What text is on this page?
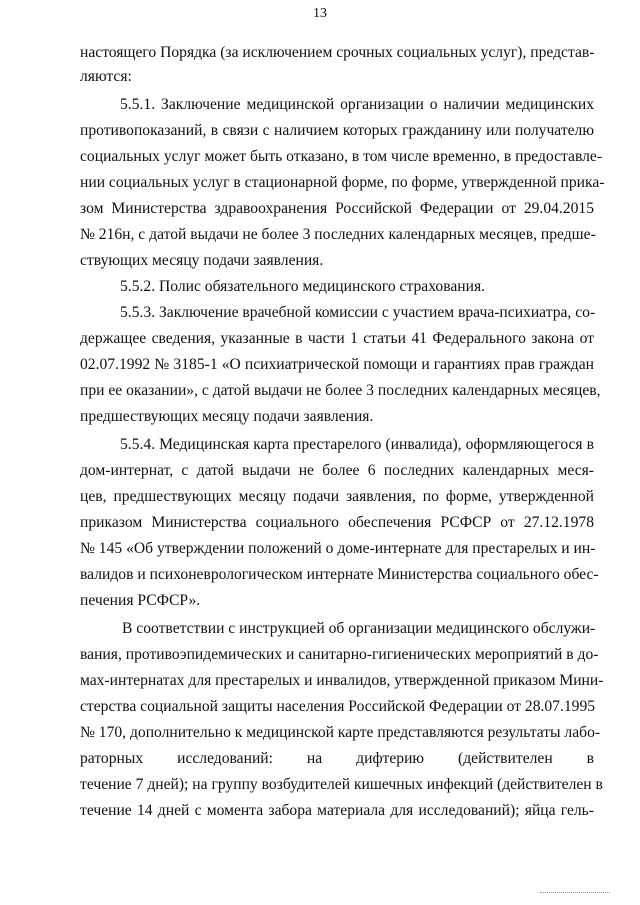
13
настоящего Порядка (за исключением срочных социальных услуг), представ-
ляются:
5.5.1. Заключение медицинской организации о наличии медицинских
противопоказаний, в связи с наличием которых гражданину или получателю
социальных услуг может быть отказано, в том числе временно, в предоставле-
нии социальных услуг в стационарной форме, по форме, утвержденной прика-
зом Министерства здравоохранения Российской Федерации от 29.04.2015
№ 216н, с датой выдачи не более 3 последних календарных месяцев, предше-
ствующих месяцу подачи заявления.
5.5.2. Полис обязательного медицинского страхования.
5.5.3. Заключение врачебной комиссии с участием врача-психиатра, со-
держащее сведения, указанные в части 1 статьи 41 Федерального закона от
02.07.1992 № 3185-1 «О психиатрической помощи и гарантиях прав граждан
при ее оказании», с датой выдачи не более 3 последних календарных месяцев,
предшествующих месяцу подачи заявления.
5.5.4. Медицинская карта престарелого (инвалида), оформляющегося в
дом-интернат, с датой выдачи не более 6 последних календарных меся-
цев, предшествующих месяцу подачи заявления, по форме, утвержденной
приказом Министерства социального обеспечения РСФСР от 27.12.1978
№ 145 «Об утверждении положений о доме-интернате для престарелых и ин-
валидов и психоневрологическом интернате Министерства социального обес-
печения РСФСР».
В соответствии с инструкцией об организации медицинского обслужи-
вания, противоэпидемических и санитарно-гигиенических мероприятий в до-
мах-интернатах для престарелых и инвалидов, утвержденной приказом Мини-
стерства социальной защиты населения Российской Федерации от 28.07.1995
№ 170, дополнительно к медицинской карте представляются результаты лабо-
раторных исследований: на дифтерию (действителен в
течение 7 дней); на группу возбудителей кишечных инфекций (действителен в
течение 14 дней с момента забора материала для исследований); яйца гель-
